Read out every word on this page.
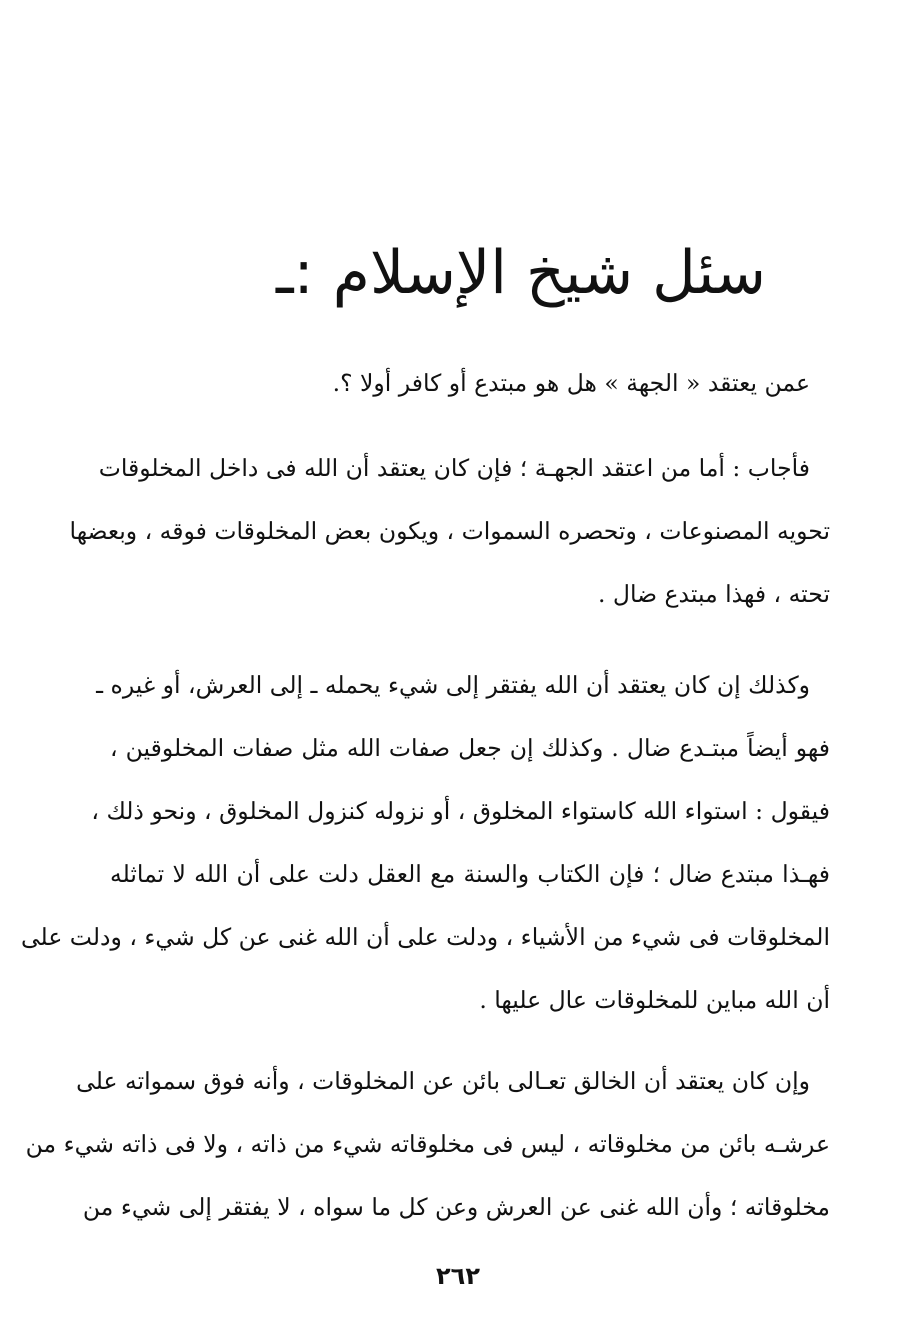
سئل شيخ الإسلام :ـ
عمن يعتقد « الجهة » هل هو مبتدع أو كافر أولا ؟.
فأجاب : أما من اعتقد الجهـة ؛ فإن كان يعتقد أن الله فى داخل المخلوقات
تحويه المصنوعات ، وتحصره السموات ، ويكون بعض المخلوقات فوقه ، وبعضها
تحته ، فهذا مبتدع ضال .
وكذلك إن كان يعتقد أن الله يفتقر إلى شيء يحمله ـ إلى العرش، أو غيره ـ
فهو أيضاً مبتـدع ضال . وكذلك إن جعل صفات الله مثل صفات المخلوقين ،
فيقول : استواء الله كاستواء المخلوق ، أو نزوله كنزول المخلوق ، ونحو ذلك ،
فهـذا مبتدع ضال ؛ فإن الكتاب والسنة مع العقل دلت على أن الله لا تماثله
المخلوقات فى شيء من الأشياء ، ودلت على أن الله غنى عن كل شيء ، ودلت على
أن الله مباين للمخلوقات عال عليها .
وإن كان يعتقد أن الخالق تعـالى بائن عن المخلوقات ، وأنه فوق سمواته على
عرشـه بائن من مخلوقاته ، ليس فى مخلوقاته شيء من ذاته ، ولا فى ذاته شيء من
مخلوقاته ؛ وأن الله غنى عن العرش وعن كل ما سواه ، لا يفتقر إلى شيء من
٢٦٢
